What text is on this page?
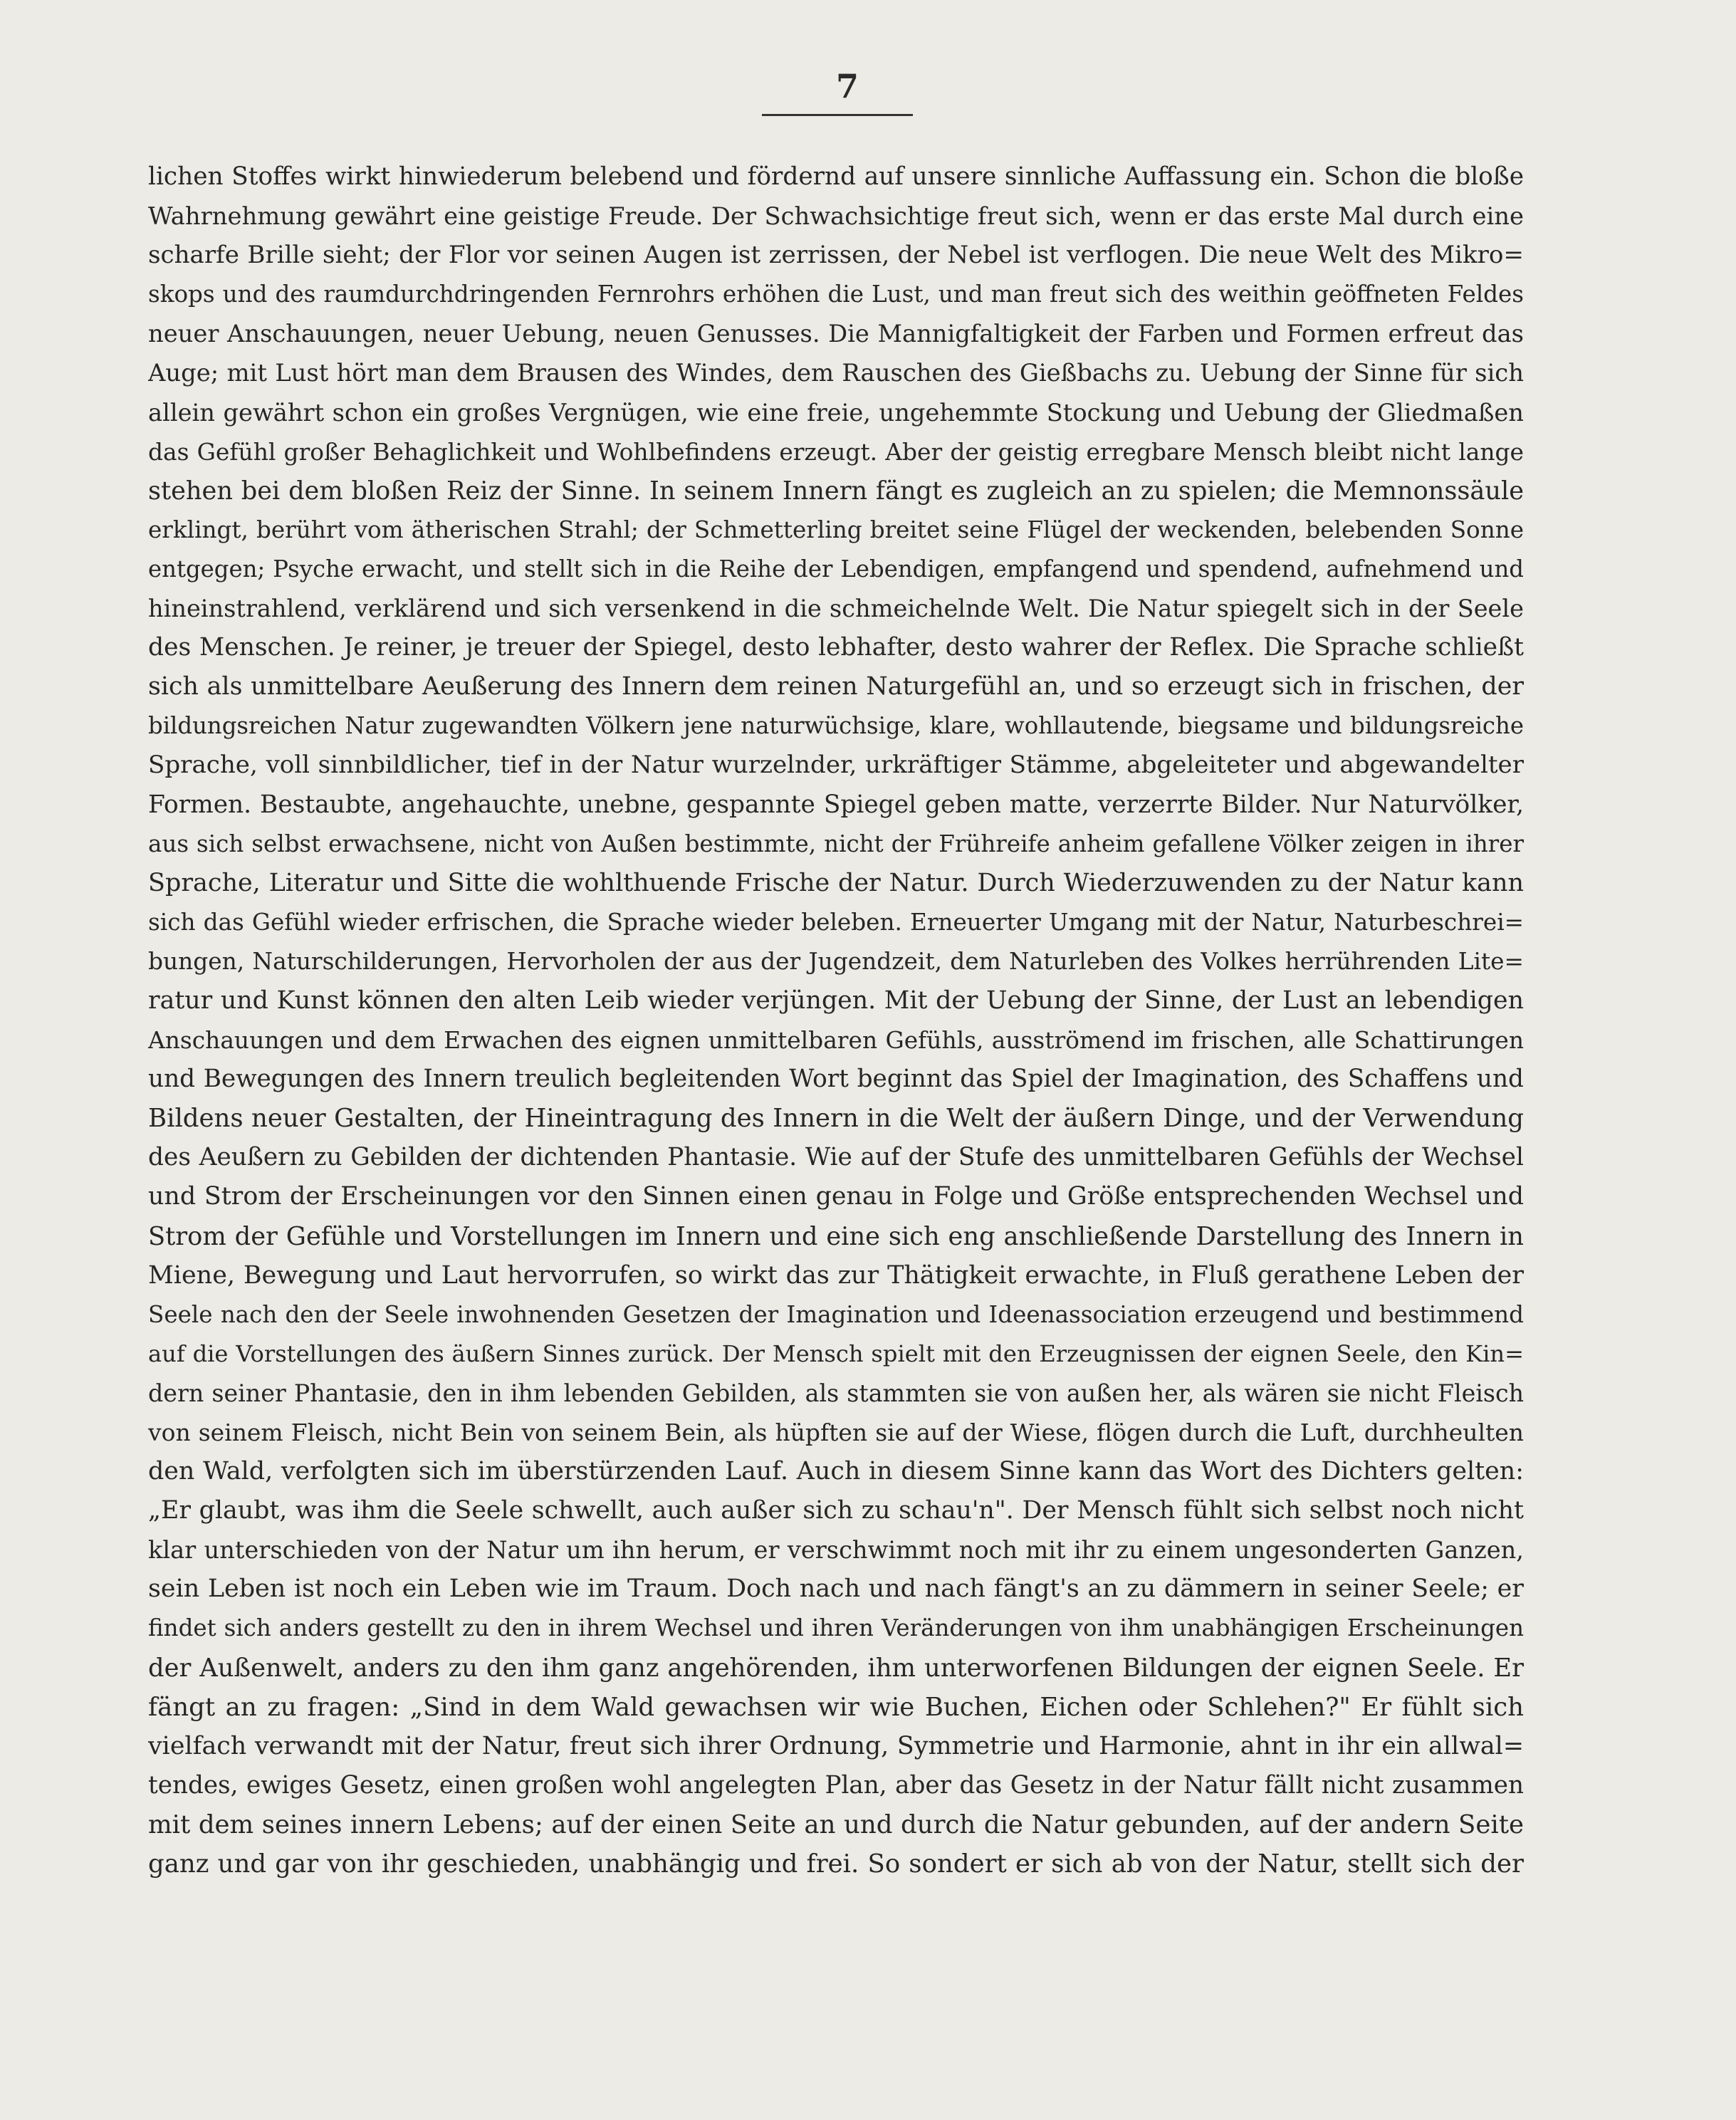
7
lichen Stoffes wirkt hinwiederum belebend und fördernd auf unsere sinnliche Auffassung ein. Schon die bloße
Wahrnehmung gewährt eine geistige Freude. Der Schwachsichtige freut sich, wenn er das erste Mal durch eine
scharfe Brille sieht; der Flor vor seinen Augen ist zerrissen, der Nebel ist verflogen. Die neue Welt des Mikro=
skops und des raumdurchdringenden Fernrohrs erhöhen die Lust, und man freut sich des weithin geöffneten Feldes
neuer Anschauungen, neuer Uebung, neuen Genusses. Die Mannigfaltigkeit der Farben und Formen erfreut das
Auge; mit Lust hört man dem Brausen des Windes, dem Rauschen des Gießbachs zu. Uebung der Sinne für sich
allein gewährt schon ein großes Vergnügen, wie eine freie, ungehemmte Stockung und Uebung der Gliedmaßen
das Gefühl großer Behaglichkeit und Wohlbefindens erzeugt. Aber der geistig erregbare Mensch bleibt nicht lange
stehen bei dem bloßen Reiz der Sinne. In seinem Innern fängt es zugleich an zu spielen; die Memnonssäule
erklingt, berührt vom ätherischen Strahl; der Schmetterling breitet seine Flügel der weckenden, belebenden Sonne
entgegen; Psyche erwacht, und stellt sich in die Reihe der Lebendigen, empfangend und spendend, aufnehmend und
hineinstrahlend, verklärend und sich versenkend in die schmeichelnde Welt. Die Natur spiegelt sich in der Seele
des Menschen. Je reiner, je treuer der Spiegel, desto lebhafter, desto wahrer der Reflex. Die Sprache schließt
sich als unmittelbare Aeußerung des Innern dem reinen Naturgefühl an, und so erzeugt sich in frischen, der
bildungsreichen Natur zugewandten Völkern jene naturwüchsige, klare, wohllautende, biegsame und bildungsreiche
Sprache, voll sinnbildlicher, tief in der Natur wurzelnder, urkräftiger Stämme, abgeleiteter und abgewandelter
Formen. Bestaubte, angehauchte, unebne, gespannte Spiegel geben matte, verzerrte Bilder. Nur Naturvölker,
aus sich selbst erwachsene, nicht von Außen bestimmte, nicht der Frühreife anheim gefallene Völker zeigen in ihrer
Sprache, Literatur und Sitte die wohlthuende Frische der Natur. Durch Wiederzuwenden zu der Natur kann
sich das Gefühl wieder erfrischen, die Sprache wieder beleben. Erneuerter Umgang mit der Natur, Naturbeschrei=
bungen, Naturschilderungen, Hervorholen der aus der Jugendzeit, dem Naturleben des Volkes herrührenden Lite=
ratur und Kunst können den alten Leib wieder verjüngen. Mit der Uebung der Sinne, der Lust an lebendigen
Anschauungen und dem Erwachen des eignen unmittelbaren Gefühls, ausströmend im frischen, alle Schattirungen
und Bewegungen des Innern treulich begleitenden Wort beginnt das Spiel der Imagination, des Schaffens und
Bildens neuer Gestalten, der Hineintragung des Innern in die Welt der äußern Dinge, und der Verwendung
des Aeußern zu Gebilden der dichtenden Phantasie. Wie auf der Stufe des unmittelbaren Gefühls der Wechsel
und Strom der Erscheinungen vor den Sinnen einen genau in Folge und Größe entsprechenden Wechsel und
Strom der Gefühle und Vorstellungen im Innern und eine sich eng anschließende Darstellung des Innern in
Miene, Bewegung und Laut hervorrufen, so wirkt das zur Thätigkeit erwachte, in Fluß gerathene Leben der
Seele nach den der Seele inwohnenden Gesetzen der Imagination und Ideenassociation erzeugend und bestimmend
auf die Vorstellungen des äußern Sinnes zurück. Der Mensch spielt mit den Erzeugnissen der eignen Seele, den Kin=
dern seiner Phantasie, den in ihm lebenden Gebilden, als stammten sie von außen her, als wären sie nicht Fleisch
von seinem Fleisch, nicht Bein von seinem Bein, als hüpften sie auf der Wiese, flögen durch die Luft, durchheulten
den Wald, verfolgten sich im überstürzenden Lauf. Auch in diesem Sinne kann das Wort des Dichters gelten:
„Er glaubt, was ihm die Seele schwellt, auch außer sich zu schau'n". Der Mensch fühlt sich selbst noch nicht
klar unterschieden von der Natur um ihn herum, er verschwimmt noch mit ihr zu einem ungesonderten Ganzen,
sein Leben ist noch ein Leben wie im Traum. Doch nach und nach fängt's an zu dämmern in seiner Seele; er
findet sich anders gestellt zu den in ihrem Wechsel und ihren Veränderungen von ihm unabhängigen Erscheinungen
der Außenwelt, anders zu den ihm ganz angehörenden, ihm unterworfenen Bildungen der eignen Seele. Er
fängt an zu fragen: „Sind in dem Wald gewachsen wir wie Buchen, Eichen oder Schlehen?" Er fühlt sich
vielfach verwandt mit der Natur, freut sich ihrer Ordnung, Symmetrie und Harmonie, ahnt in ihr ein allwal=
tendes, ewiges Gesetz, einen großen wohl angelegten Plan, aber das Gesetz in der Natur fällt nicht zusammen
mit dem seines innern Lebens; auf der einen Seite an und durch die Natur gebunden, auf der andern Seite
ganz und gar von ihr geschieden, unabhängig und frei. So sondert er sich ab von der Natur, stellt sich der
